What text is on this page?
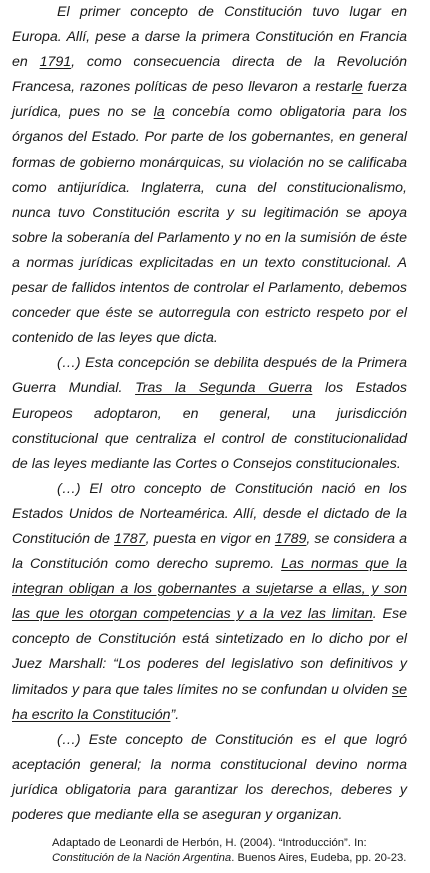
El primer concepto de Constitución tuvo lugar en Europa. Allí, pese a darse la primera Constitución en Francia en 1791, como consecuencia directa de la Revolución Francesa, razones políticas de peso llevaron a restarle fuerza jurídica, pues no se la concebía como obligatoria para los órganos del Estado. Por parte de los gobernantes, en general formas de gobierno monárquicas, su violación no se calificaba como antijurídica. Inglaterra, cuna del constitucionalismo, nunca tuvo Constitución escrita y su legitimación se apoya sobre la soberanía del Parlamento y no en la sumisión de éste a normas jurídicas explicitadas en un texto constitucional. A pesar de fallidos intentos de controlar el Parlamento, debemos conceder que éste se autorregula con estricto respeto por el contenido de las leyes que dicta.

(…) Esta concepción se debilita después de la Primera Guerra Mundial. Tras la Segunda Guerra los Estados Europeos adoptaron, en general, una jurisdicción constitucional que centraliza el control de constitucionalidad de las leyes mediante las Cortes o Consejos constitucionales.

(…) El otro concepto de Constitución nació en los Estados Unidos de Norteamérica. Allí, desde el dictado de la Constitución de 1787, puesta en vigor en 1789, se considera a la Constitución como derecho supremo. Las normas que la integran obligan a los gobernantes a sujetarse a ellas, y son las que les otorgan competencias y a la vez las limitan. Ese concepto de Constitución está sintetizado en lo dicho por el Juez Marshall: “Los poderes del legislativo son definitivos y limitados y para que tales límites no se confundan u olviden se ha escrito la Constitución”.

(…) Este concepto de Constitución es el que logró aceptación general; la norma constitucional devino norma jurídica obligatoria para garantizar los derechos, deberes y poderes que mediante ella se aseguran y organizan.

Adaptado de Leonardi de Herbón, H. (2004). “Introducción”. In: Constitución de la Nación Argentina. Buenos Aires, Eudeba, pp. 20-23.
